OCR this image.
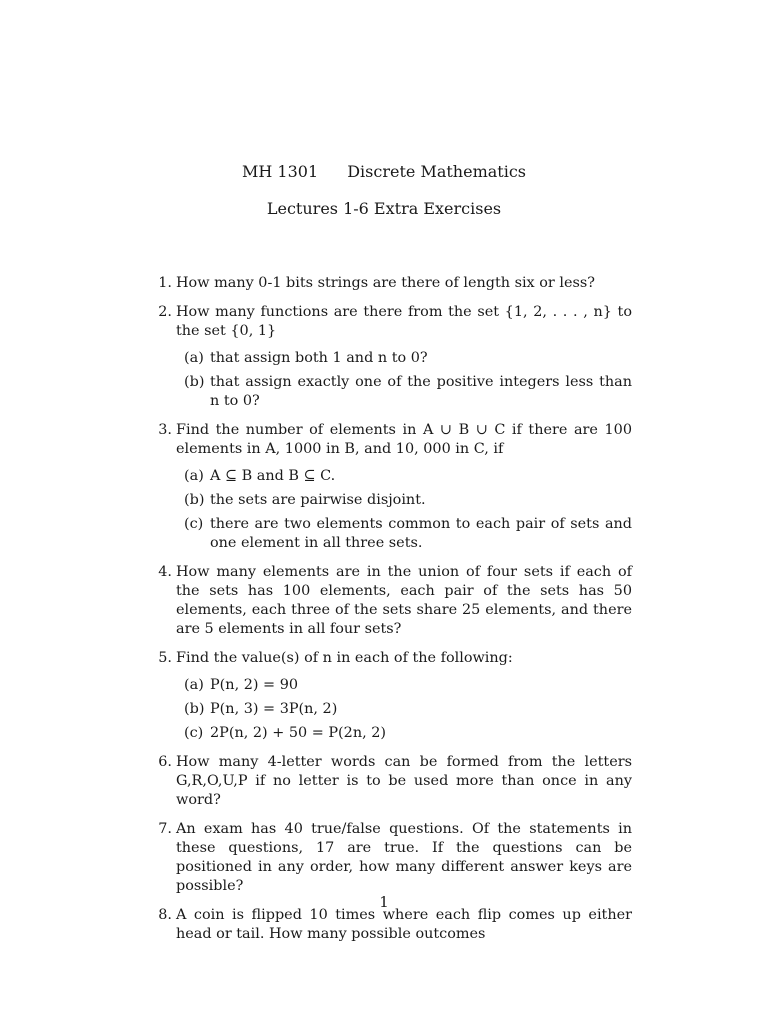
MH 1301 Discrete Mathematics
Lectures 1-6 Extra Exercises
1. How many 0-1 bits strings are there of length six or less?
2. How many functions are there from the set {1, 2, . . . , n} to the set {0, 1}
(a) that assign both 1 and n to 0?
(b) that assign exactly one of the positive integers less than n to 0?
3. Find the number of elements in A ∪ B ∪ C if there are 100 elements in A, 1000 in B, and 10, 000 in C, if
(a) A ⊆ B and B ⊆ C.
(b) the sets are pairwise disjoint.
(c) there are two elements common to each pair of sets and one element in all three sets.
4. How many elements are in the union of four sets if each of the sets has 100 elements, each pair of the sets has 50 elements, each three of the sets share 25 elements, and there are 5 elements in all four sets?
5. Find the value(s) of n in each of the following:
(a) P(n, 2) = 90
(b) P(n, 3) = 3P(n, 2)
(c) 2P(n, 2) + 50 = P(2n, 2)
6. How many 4-letter words can be formed from the letters G,R,O,U,P if no letter is to be used more than once in any word?
7. An exam has 40 true/false questions. Of the statements in these questions, 17 are true. If the questions can be positioned in any order, how many different answer keys are possible?
8. A coin is flipped 10 times where each flip comes up either head or tail. How many possible outcomes
1
